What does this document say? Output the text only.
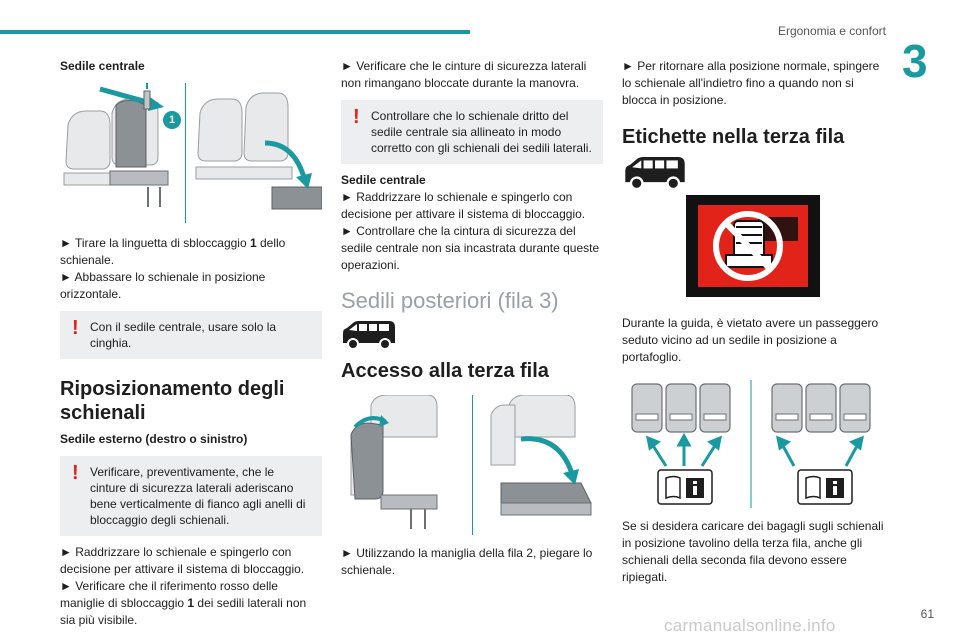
Ergonomia e confort
3

Sedile centrale

1

► Tirare la linguetta di sbloccaggio 1 dello schienale.

► Abbassare lo schienale in posizione orizzontale.

! Con il sedile centrale, usare solo la cinghia.

Riposizionamento degli schienali

Sedile esterno (destro o sinistro)

! Verificare, preventivamente, che le cinture di sicurezza laterali aderiscano bene verticalmente di fianco agli anelli di bloccaggio degli schienali.

► Raddrizzare lo schienale e spingerlo con decisione per attivare il sistema di bloccaggio.

► Verificare che il riferimento rosso delle maniglie di sbloccaggio 1 dei sedili laterali non sia più visibile.

► Verificare che le cinture di sicurezza laterali non rimangano bloccate durante la manovra.

! Controllare che lo schienale dritto del sedile centrale sia allineato in modo corretto con gli schienali dei sedili laterali.

Sedile centrale

► Raddrizzare lo schienale e spingerlo con decisione per attivare il sistema di bloccaggio.

► Controllare che la cintura di sicurezza del sedile centrale non sia incastrata durante queste operazioni.

Sedili posteriori (fila 3)

Accesso alla terza fila

► Utilizzando la maniglia della fila 2, piegare lo schienale.

► Per ritornare alla posizione normale, spingere lo schienale all'indietro fino a quando non si blocca in posizione.

Etichette nella terza fila

Durante la guida, è vietato avere un passeggero seduto vicino ad un sedile in posizione a portafoglio.

Se si desidera caricare dei bagagli sugli schienali in posizione tavolino della terza fila, anche gli schienali della seconda fila devono essere ripiegati.

61
carmanualsonline.info
